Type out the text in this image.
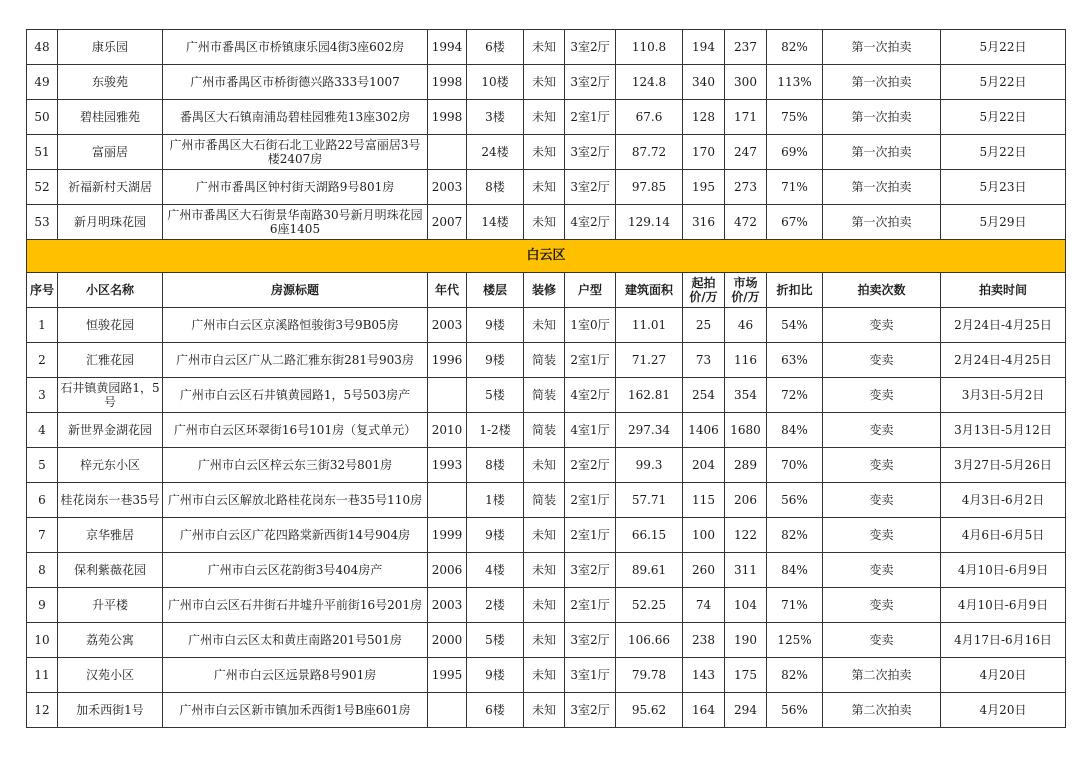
48	康乐园	广州市番禺区市桥镇康乐园4街3座602房	1994	6楼	未知	3室2厅	110.8	194	237	82%	第一次拍卖	5月22日
49	东骏苑	广州市番禺区市桥街德兴路333号1007	1998	10楼	未知	3室2厅	124.8	340	300	113%	第一次拍卖	5月22日
50	碧桂园雅苑	番禺区大石镇南浦岛碧桂园雅苑13座302房	1998	3楼	未知	2室1厅	67.6	128	171	75%	第一次拍卖	5月22日
51	富丽居	广州市番禺区大石街石北工业路22号富丽居3号楼2407房		24楼	未知	3室2厅	87.72	170	247	69%	第一次拍卖	5月22日
52	祈福新村天湖居	广州市番禺区钟村街天湖路9号801房	2003	8楼	未知	3室2厅	97.85	195	273	71%	第一次拍卖	5月23日
53	新月明珠花园	广州市番禺区大石街景华南路30号新月明珠花园6座1405	2007	14楼	未知	4室2厅	129.14	316	472	67%	第一次拍卖	5月29日
白云区												
序号	小区名称	房源标题	年代	楼层	装修	户型	建筑面积	起拍价/万	市场价/万	折扣比	拍卖次数	拍卖时间
1	恒骏花园	广州市白云区京溪路恒骏街3号9B05房	2003	9楼	未知	1室0厅	11.01	25	46	54%	变卖	2月24日-4月25日
2	汇雅花园	广州市白云区广从二路汇雅东街281号903房	1996	9楼	简装	2室1厅	71.27	73	116	63%	变卖	2月24日-4月25日
3	石井镇黄园路1，5号	广州市白云区石井镇黄园路1，5号503房产		5楼	简装	4室2厅	162.81	254	354	72%	变卖	3月3日-5月2日
4	新世界金湖花园	广州市白云区环翠街16号101房（复式单元）	2010	1-2楼	简装	4室1厅	297.34	1406	1680	84%	变卖	3月13日-5月12日
5	梓元东小区	广州市白云区梓云东三街32号801房	1993	8楼	未知	2室2厅	99.3	204	289	70%	变卖	3月27日-5月26日
6	桂花岗东一巷35号	广州市白云区解放北路桂花岗东一巷35号110房		1楼	简装	2室1厅	57.71	115	206	56%	变卖	4月3日-6月2日
7	京华雅居	广州市白云区广花四路棠新西街14号904房	1999	9楼	未知	2室1厅	66.15	100	122	82%	变卖	4月6日-6月5日
8	保利紫薇花园	广州市白云区花韵街3号404房产	2006	4楼	未知	3室2厅	89.61	260	311	84%	变卖	4月10日-6月9日
9	升平楼	广州市白云区石井街石井墟升平前街16号201房	2003	2楼	未知	2室1厅	52.25	74	104	71%	变卖	4月10日-6月9日
10	荔苑公寓	广州市白云区太和黄庄南路201号501房	2000	5楼	未知	3室2厅	106.66	238	190	125%	变卖	4月17日-6月16日
11	汉苑小区	广州市白云区远景路8号901房	1995	9楼	未知	3室1厅	79.78	143	175	82%	第二次拍卖	4月20日
12	加禾西街1号	广州市白云区新市镇加禾西街1号B座601房		6楼	未知	3室2厅	95.62	164	294	56%	第二次拍卖	4月20日
